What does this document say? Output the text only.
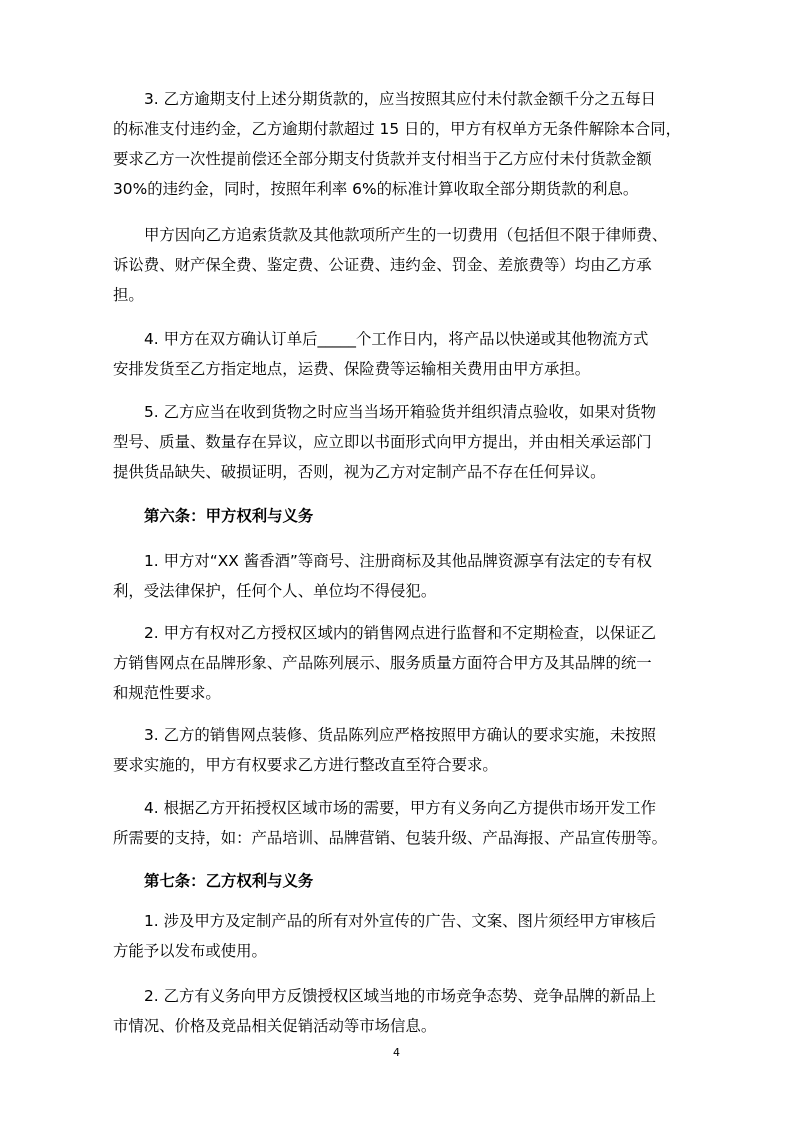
3. 乙方逾期支付上述分期货款的，应当按照其应付未付款金额千分之五每日
的标准支付违约金，乙方逾期付款超过 15 日的，甲方有权单方无条件解除本合同，
要求乙方一次性提前偿还全部分期支付货款并支付相当于乙方应付未付货款金额
30%的违约金，同时，按照年利率 6%的标准计算收取全部分期货款的利息。
甲方因向乙方追索货款及其他款项所产生的一切费用（包括但不限于律师费、
诉讼费、财产保全费、鉴定费、公证费、违约金、罚金、差旅费等）均由乙方承
担。
4. 甲方在双方确认订单后_____个工作日内，将产品以快递或其他物流方式
安排发货至乙方指定地点，运费、保险费等运输相关费用由甲方承担。
5. 乙方应当在收到货物之时应当当场开箱验货并组织清点验收，如果对货物
型号、质量、数量存在异议，应立即以书面形式向甲方提出，并由相关承运部门
提供货品缺失、破损证明，否则，视为乙方对定制产品不存在任何异议。
第六条：甲方权利与义务
1. 甲方对“XX 酱香酒”等商号、注册商标及其他品牌资源享有法定的专有权
利，受法律保护，任何个人、单位均不得侵犯。
2. 甲方有权对乙方授权区域内的销售网点进行监督和不定期检查，以保证乙
方销售网点在品牌形象、产品陈列展示、服务质量方面符合甲方及其品牌的统一
和规范性要求。
3. 乙方的销售网点装修、货品陈列应严格按照甲方确认的要求实施，未按照
要求实施的，甲方有权要求乙方进行整改直至符合要求。
4. 根据乙方开拓授权区域市场的需要，甲方有义务向乙方提供市场开发工作
所需要的支持，如：产品培训、品牌营销、包装升级、产品海报、产品宣传册等。
第七条：乙方权利与义务
1. 涉及甲方及定制产品的所有对外宣传的广告、文案、图片须经甲方审核后
方能予以发布或使用。
2. 乙方有义务向甲方反馈授权区域当地的市场竞争态势、竞争品牌的新品上
市情况、价格及竞品相关促销活动等市场信息。
4
